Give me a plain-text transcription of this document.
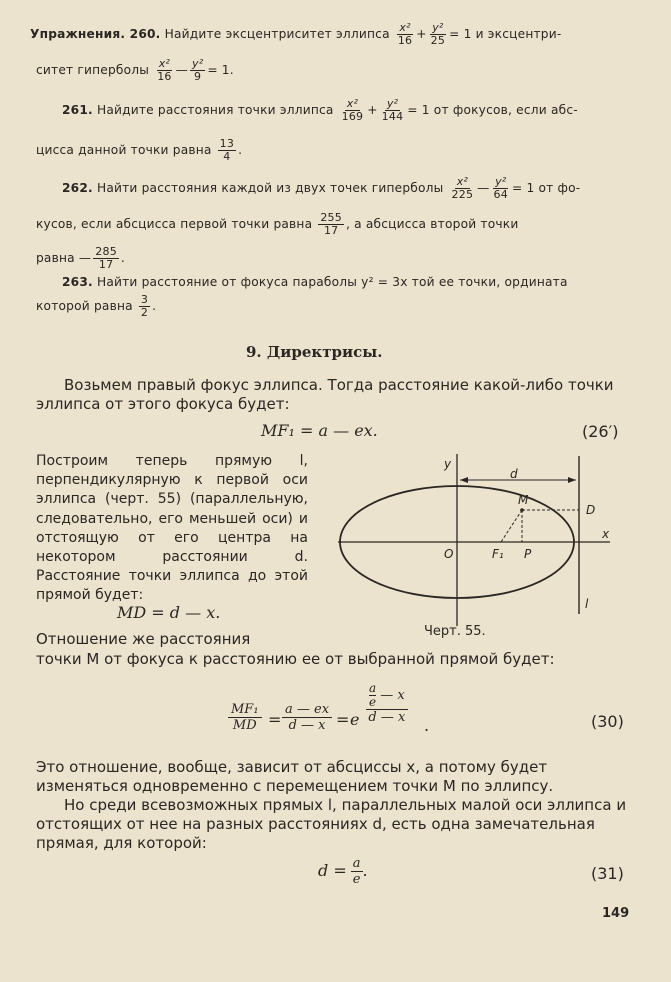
Упражнения. 260. Найдите эксцентриситет эллипса $\frac{\text{x²}}{16} + \frac{\text{y²}}{25} = 1$ и эксцентри-
ситет гиперболы $\frac{\text{x²}}{16}$ — $\frac{\text{y²}}{9} = 1$.
261. Найдите расстояния точки эллипса $\frac{\text{x²}}{169} + \frac{\text{y²}}{144} = 1$ от фокусов, если абс-
цисса данной точки равна $\frac{13}{4}$ .
262. Найти расстояния каждой из двух точек гиперболы $\frac{\text{x²}}{225}$ — $\frac{\text{y²}}{64} = 1$ от фо-
кусов, если абсцисса первой точки равна $\frac{255}{17}$ , а абсцисса второй точки
равна — $\frac{285}{17}$ .
263. Найти расстояние от фокуса параболы y² = 3x той ее точки, ордината
которой равна $\frac{3}{2}$ .
9. Директрисы.
Возьмем правый фокус эллипса. Тогда расстояние какой-либо точки эллипса от этого фокуса будет:
MF₁ = a — ex.	(26′)
Построим теперь прямую l, перпендикулярную к первой оси эллипса (черт. 55) (параллельную, следовательно, его меньшей оси) и отстоящую от его центра на некотором расстоянии d. Расстояние точки эллипса до этой прямой будет:
MD = d — x.
y
d
M
D
x
O	F₁ P
l
Черт. 55.
Отношение же расстояния
точки M от фокуса к расстоянию ее от выбранной прямой будет:
MF₁
MD =
a — ex
d — x = e
a
e — x
d — x .	(30)
Это отношение, вообще, зависит от абсциссы x, а потому будет изменяться одновременно с перемещением точки M по эллипсу.
Но среди всевозможных прямых l, параллельных малой оси эллипса и отстоящих от нее на разных расстояниях d, есть одна замечательная прямая, для которой:
$d = \frac{a}{e}$ .	(31)
149
